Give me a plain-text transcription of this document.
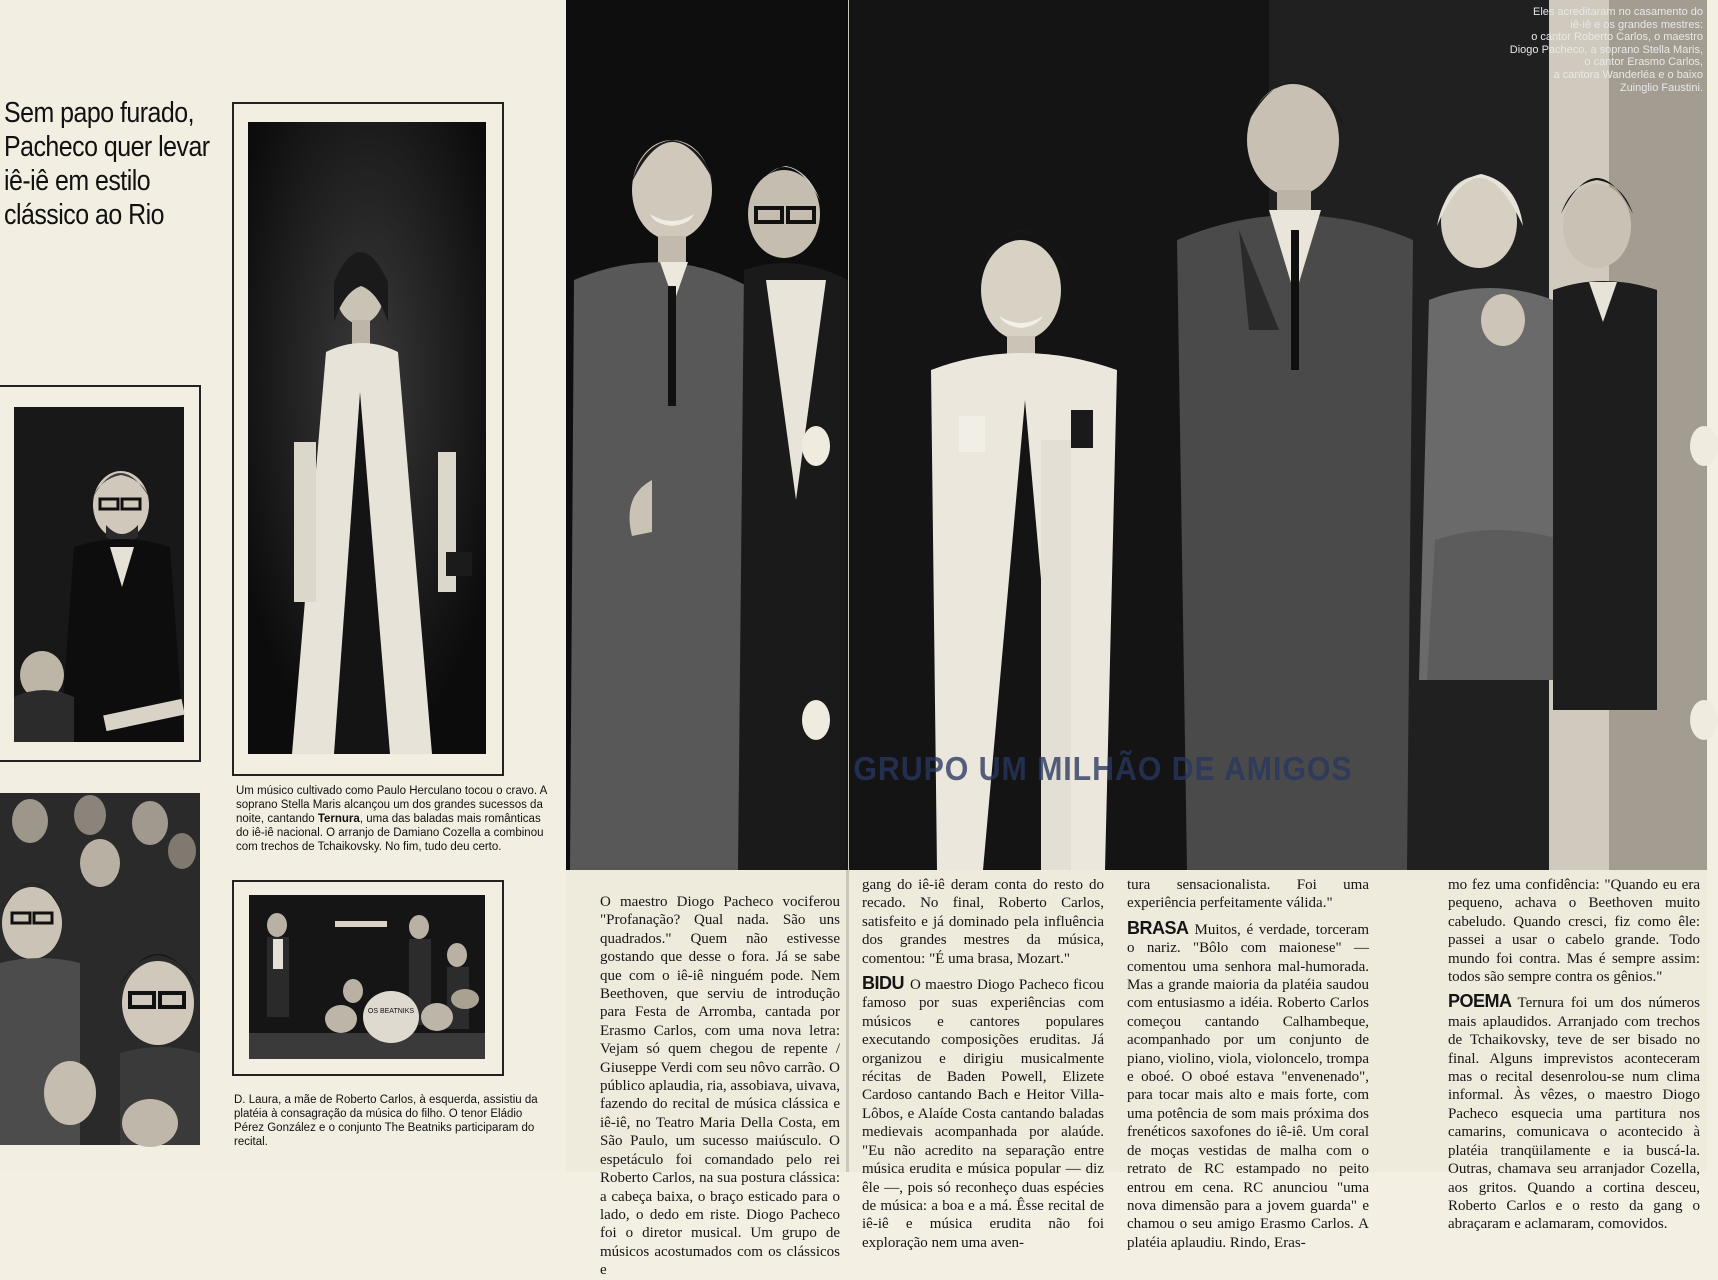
Sem papo furado,
Pacheco quer levar
iê-iê em estilo
clássico ao Rio
Um músico cultivado como Paulo Herculano tocou o cravo. A soprano Stella Maris alcançou um dos grandes sucessos da noite, cantando Ternura, uma das baladas mais românticas do iê-iê nacional. O arranjo de Damiano Cozella a combinou com trechos de Tchaikovsky. No fim, tudo deu certo.
OS BEATNIKS
D. Laura, a mãe de Roberto Carlos, à esquerda, assistiu da platéia à consagração da música do filho. O tenor Eládio Pérez González e o conjunto The Beatniks participaram do recital.
Eles acreditaram no casamento do
iê-iê e os grandes mestres:
o cantor Roberto Carlos, o maestro
Diogo Pacheco, a soprano Stella Maris,
o cantor Erasmo Carlos,
a cantora Wanderléa e o baixo
Zuinglio Faustini.

O maestro Diogo Pacheco vociferou "Profanação? Qual nada. São uns quadrados." Quem não estivesse gostando que desse o fora. Já se sabe que com o iê-iê ninguém pode. Nem Beethoven, que serviu de introdução para Festa de Arromba, cantada por Erasmo Carlos, com uma nova letra: Vejam só quem chegou de repente / Giuseppe Verdi com seu nôvo carrão. O público aplaudia, ria, assobiava, uivava, fazendo do recital de música clássica e iê-iê, no Teatro Maria Della Costa, em São Paulo, um sucesso maiúsculo. O espetáculo foi comandado pelo rei Roberto Carlos, na sua postura clássica: a cabeça baixa, o braço esticado para o lado, o dedo em riste. Diogo Pacheco foi o diretor musical. Um grupo de músicos acostumados com os clássicos e

gang do iê-iê deram conta do resto do recado. No final, Roberto Carlos, satisfeito e já dominado pela influência dos grandes mestres da música, comentou: "É uma brasa, Mozart."

BIDU O maestro Diogo Pacheco ficou famoso por suas experiências com músicos e cantores populares executando composições eruditas. Já organizou e dirigiu musicalmente récitas de Baden Powell, Elizete Cardoso cantando Bach e Heitor Villa-Lôbos, e Alaíde Costa cantando baladas medievais acompanhada por alaúde. "Eu não acredito na separação entre música erudita e música popular — diz êle —, pois só reconheço duas espécies de música: a boa e a má. Êsse recital de iê-iê e música erudita não foi exploração nem uma aven-

tura sensacionalista. Foi uma experiência perfeitamente válida."

BRASA Muitos, é verdade, torceram o nariz. "Bôlo com maionese" — comentou uma senhora mal-humorada. Mas a grande maioria da platéia saudou com entusiasmo a idéia. Roberto Carlos começou cantando Calhambeque, acompanhado por um conjunto de piano, violino, viola, violoncelo, trompa e oboé. O oboé estava "envenenado", para tocar mais alto e mais forte, com uma potência de som mais próxima dos frenéticos saxofones do iê-iê. Um coral de moças vestidas de malha com o retrato de RC estampado no peito entrou em cena. RC anunciou "uma nova dimensão para a jovem guarda" e chamou o seu amigo Erasmo Carlos. A platéia aplaudiu. Rindo, Eras-

mo fez uma confidência: "Quando eu era pequeno, achava o Beethoven muito cabeludo. Quando cresci, fiz como êle: passei a usar o cabelo grande. Todo mundo foi contra. Mas é sempre assim: todos são sempre contra os gênios."

POEMA Ternura foi um dos números mais aplaudidos. Arranjado com trechos de Tchaikovsky, teve de ser bisado no final. Alguns imprevistos aconteceram mas o recital desenrolou-se num clima informal. Às vêzes, o maestro Diogo Pacheco esquecia uma partitura nos camarins, comunicava o acontecido à platéia tranqüilamente e ia buscá-la. Outras, chamava seu arranjador Cozella, aos gritos. Quando a cortina desceu, Roberto Carlos e o resto da gang o abraçaram e aclamaram, comovidos.

GRUPO UM MILHÃO DE AMIGOS
